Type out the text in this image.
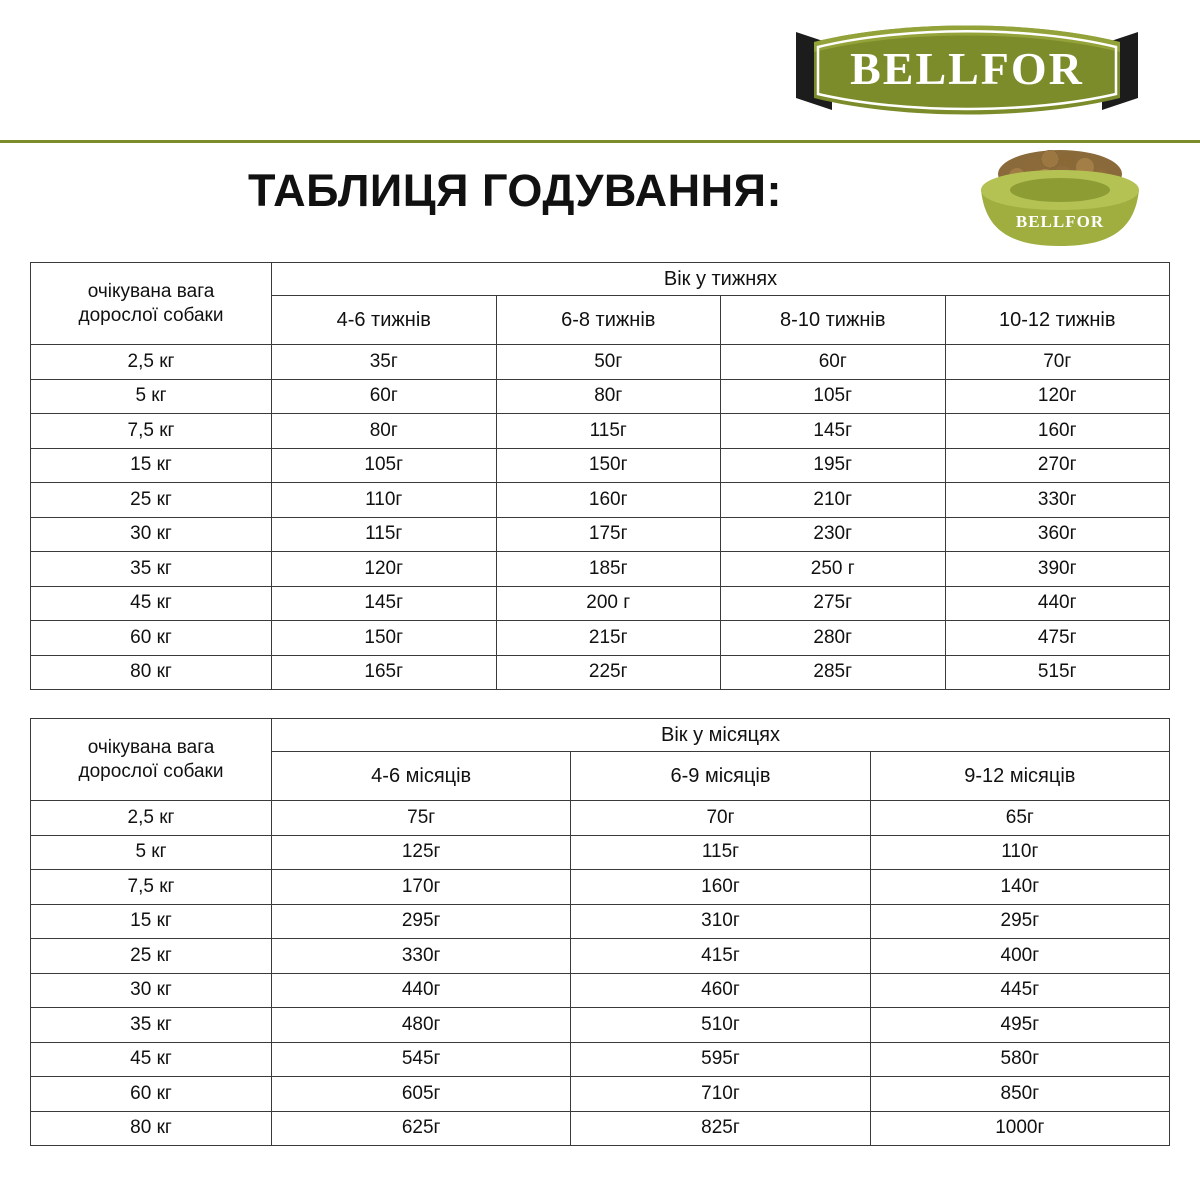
BELLFOR
ТАБЛИЦЯ ГОДУВАННЯ:
BELLFOR
очікувана вага
дорослої собаки	Вік у тижнях			
	4-6 тижнів	6-8 тижнів	8-10 тижнів	10-12 тижнів
2,5 кг	35г	50г	60г	70г
5 кг	60г	80г	105г	120г
7,5 кг	80г	115г	145г	160г
15 кг	105г	150г	195г	270г
25 кг	110г	160г	210г	330г
30 кг	115г	175г	230г	360г
35 кг	120г	185г	250 г	390г
45 кг	145г	200 г	275г	440г
60 кг	150г	215г	280г	475г
80 кг	165г	225г	285г	515г
очікувана вага
дорослої собаки	Вік у місяцях		
	4-6 місяців	6-9 місяців	9-12 місяців
2,5 кг	75г	70г	65г
5 кг	125г	115г	110г
7,5 кг	170г	160г	140г
15 кг	295г	310г	295г
25 кг	330г	415г	400г
30 кг	440г	460г	445г
35 кг	480г	510г	495г
45 кг	545г	595г	580г
60 кг	605г	710г	850г
80 кг	625г	825г	1000г
